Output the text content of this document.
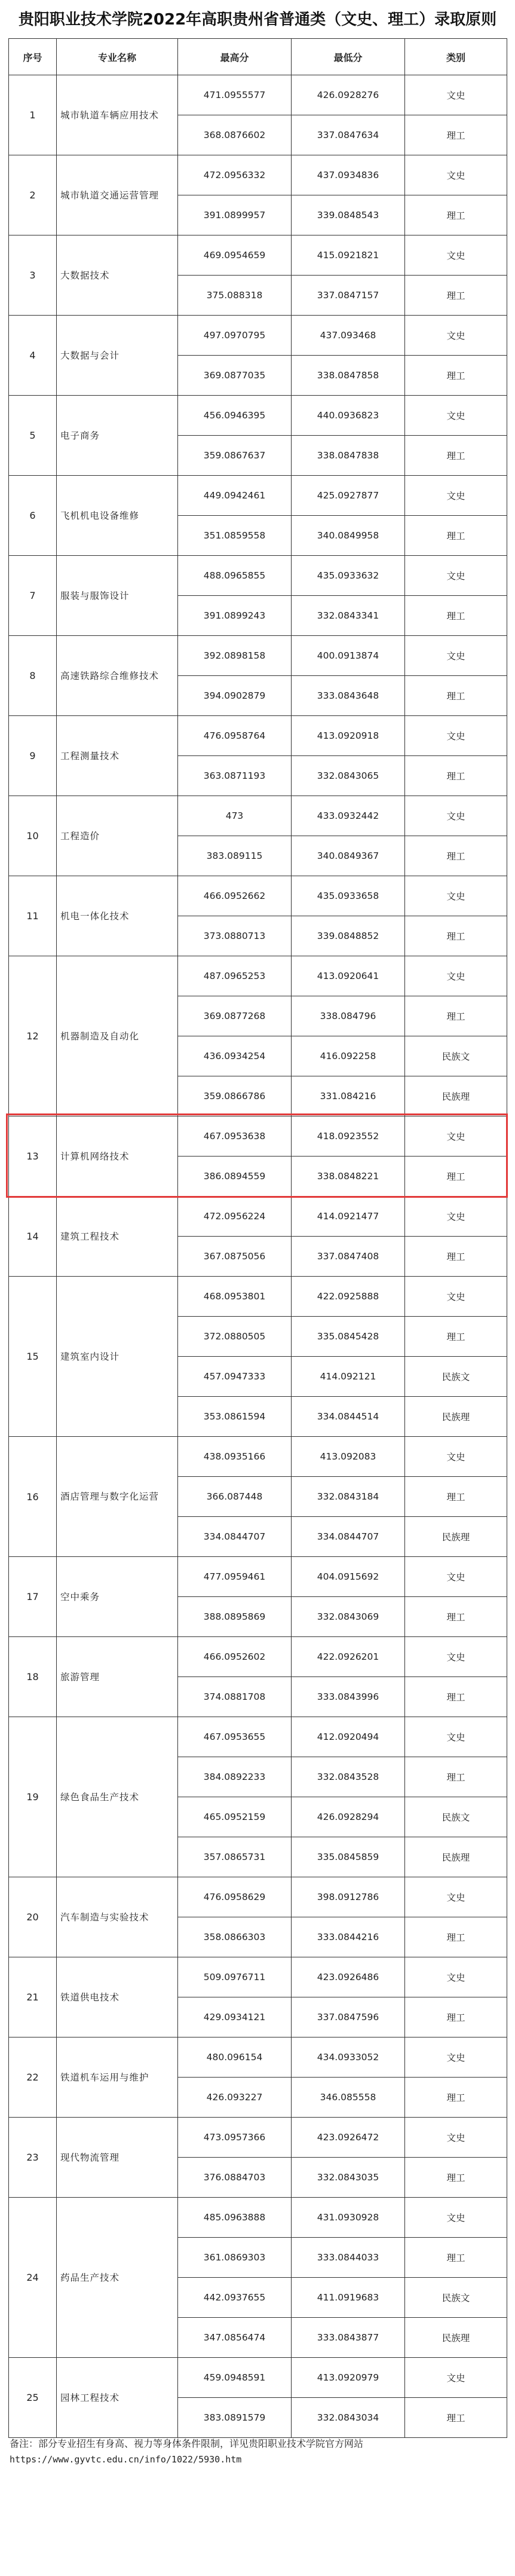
贵阳职业技术学院2022年高职贵州省普通类（文史、理工）录取原则
序号	专业名称	最高分	最低分	类别
1	城市轨道车辆应用技术	471.0955577	426.0928276	文史
		368.0876602	337.0847634	理工
2	城市轨道交通运营管理	472.0956332	437.0934836	文史
		391.0899957	339.0848543	理工
3	大数据技术	469.0954659	415.0921821	文史
		375.088318	337.0847157	理工
4	大数据与会计	497.0970795	437.093468	文史
		369.0877035	338.0847858	理工
5	电子商务	456.0946395	440.0936823	文史
		359.0867637	338.0847838	理工
6	飞机机电设备维修	449.0942461	425.0927877	文史
		351.0859558	340.0849958	理工
7	服装与服饰设计	488.0965855	435.0933632	文史
		391.0899243	332.0843341	理工
8	高速铁路综合维修技术	392.0898158	400.0913874	文史
		394.0902879	333.0843648	理工
9	工程测量技术	476.0958764	413.0920918	文史
		363.0871193	332.0843065	理工
10	工程造价	473	433.0932442	文史
		383.089115	340.0849367	理工
11	机电一体化技术	466.0952662	435.0933658	文史
		373.0880713	339.0848852	理工
12	机器制造及自动化	487.0965253	413.0920641	文史
		369.0877268	338.084796	理工
		436.0934254	416.092258	民族文
		359.0866786	331.084216	民族理
13	计算机网络技术	467.0953638	418.0923552	文史
		386.0894559	338.0848221	理工
14	建筑工程技术	472.0956224	414.0921477	文史
		367.0875056	337.0847408	理工
15	建筑室内设计	468.0953801	422.0925888	文史
		372.0880505	335.0845428	理工
		457.0947333	414.092121	民族文
		353.0861594	334.0844514	民族理
16	酒店管理与数字化运营	438.0935166	413.092083	文史
		366.087448	332.0843184	理工
		334.0844707	334.0844707	民族理
17	空中乘务	477.0959461	404.0915692	文史
		388.0895869	332.0843069	理工
18	旅游管理	466.0952602	422.0926201	文史
		374.0881708	333.0843996	理工
19	绿色食品生产技术	467.0953655	412.0920494	文史
		384.0892233	332.0843528	理工
		465.0952159	426.0928294	民族文
		357.0865731	335.0845859	民族理
20	汽车制造与实验技术	476.0958629	398.0912786	文史
		358.0866303	333.0844216	理工
21	铁道供电技术	509.0976711	423.0926486	文史
		429.0934121	337.0847596	理工
22	铁道机车运用与维护	480.096154	434.0933052	文史
		426.093227	346.085558	理工
23	现代物流管理	473.0957366	423.0926472	文史
		376.0884703	332.0843035	理工
24	药品生产技术	485.0963888	431.0930928	文史
		361.0869303	333.0844033	理工
		442.0937655	411.0919683	民族文
		347.0856474	333.0843877	民族理
25	园林工程技术	459.0948591	413.0920979	文史
		383.0891579	332.0843034	理工
备注：部分专业招生有身高、视力等身体条件限制，详见贵阳职业技术学院官方网站
https://www.gyvtc.edu.cn/info/1022/5930.htm
